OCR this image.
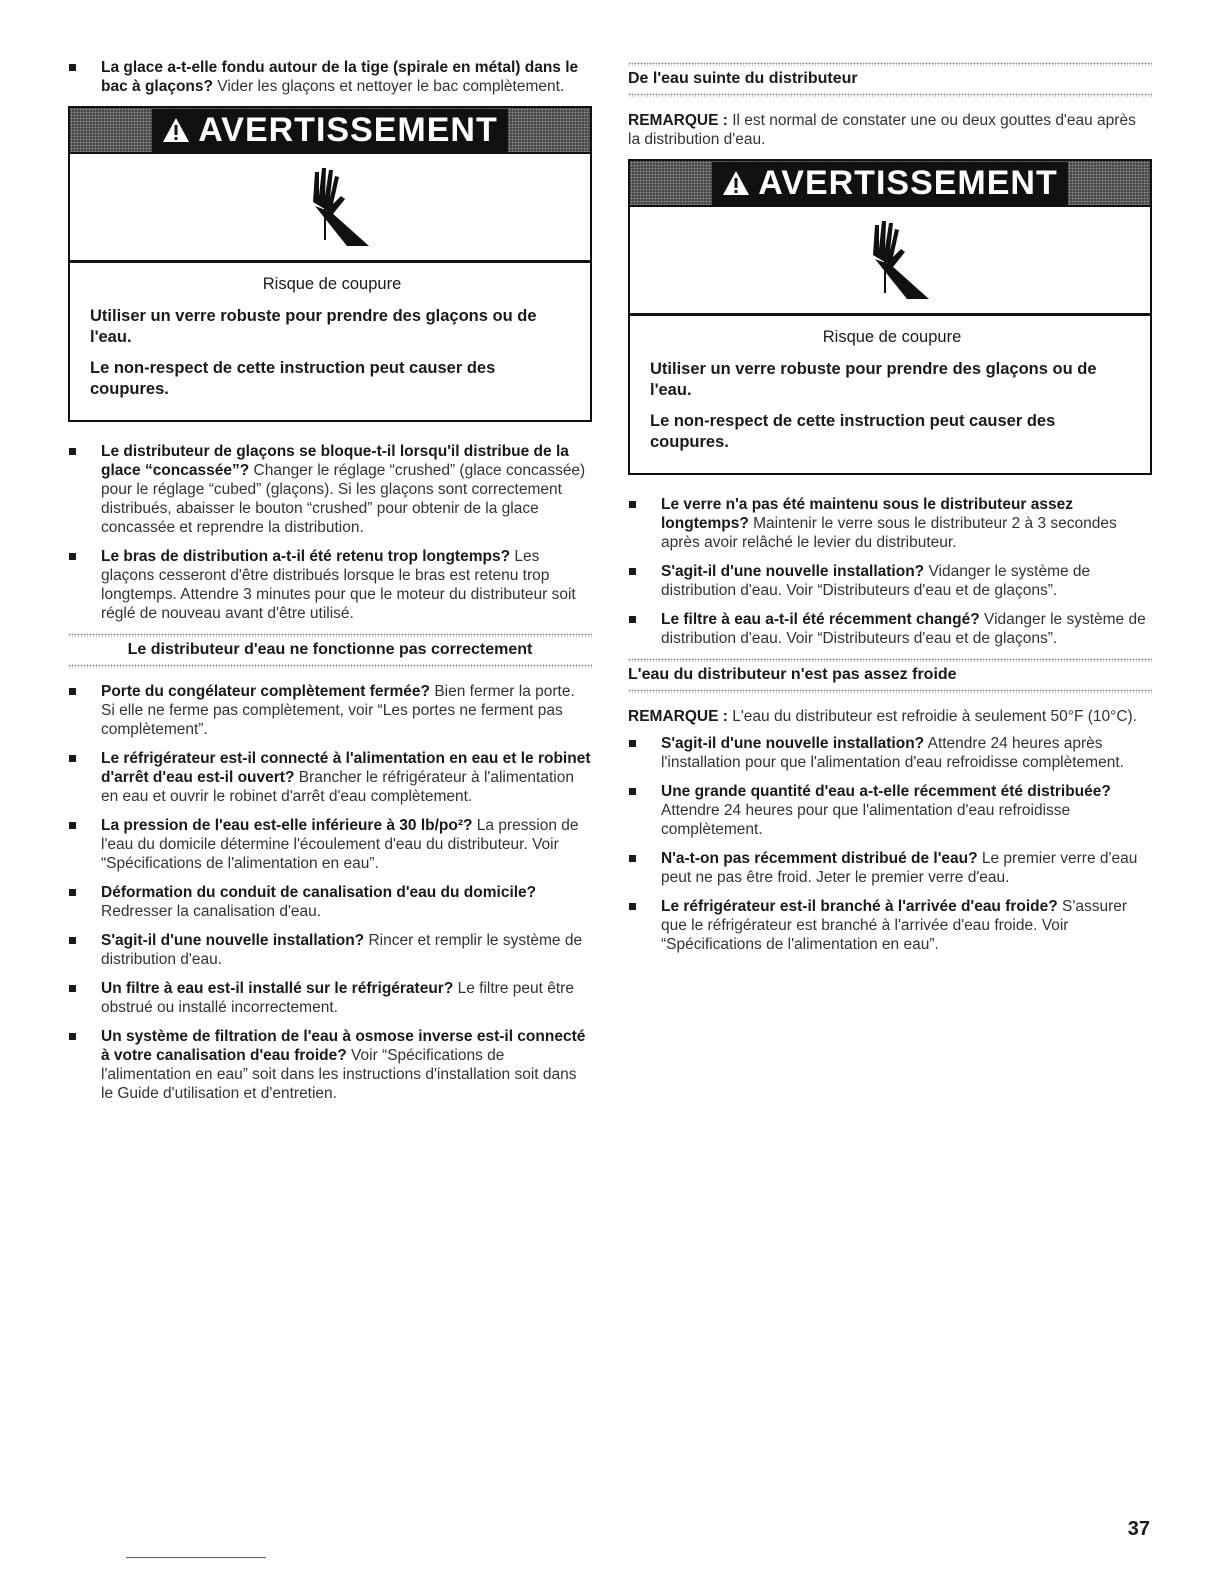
La glace a-t-elle fondu autour de la tige (spirale en métal) dans le bac à glaçons? Vider les glaçons et nettoyer le bac complètement.

AVERTISSEMENT
Risque de coupure

Utiliser un verre robuste pour prendre des glaçons ou de l'eau.

Le non-respect de cette instruction peut causer des coupures.

Le distributeur de glaçons se bloque-t-il lorsqu'il distribue de la glace “concassée”? Changer le réglage “crushed” (glace concassée) pour le réglage “cubed” (glaçons). Si les glaçons sont correctement distribués, abaisser le bouton “crushed” pour obtenir de la glace concassée et reprendre la distribution.

Le bras de distribution a-t-il été retenu trop longtemps? Les glaçons cesseront d'être distribués lorsque le bras est retenu trop longtemps. Attendre 3 minutes pour que le moteur du distributeur soit réglé de nouveau avant d'être utilisé.

Le distributeur d'eau ne fonctionne pas correctement

Porte du congélateur complètement fermée? Bien fermer la porte. Si elle ne ferme pas complètement, voir “Les portes ne ferment pas complètement”.

Le réfrigérateur est-il connecté à l'alimentation en eau et le robinet d'arrêt d'eau est-il ouvert? Brancher le réfrigérateur à l'alimentation en eau et ouvrir le robinet d'arrêt d'eau complètement.

La pression de l'eau est-elle inférieure à 30 lb/po²? La pression de l'eau du domicile détermine l'écoulement d'eau du distributeur. Voir “Spécifications de l'alimentation en eau”.

Déformation du conduit de canalisation d'eau du domicile? Redresser la canalisation d'eau.

S'agit-il d'une nouvelle installation? Rincer et remplir le système de distribution d'eau.

Un filtre à eau est-il installé sur le réfrigérateur? Le filtre peut être obstrué ou installé incorrectement.

Un système de filtration de l'eau à osmose inverse est-il connecté à votre canalisation d'eau froide? Voir “Spécifications de l'alimentation en eau” soit dans les instructions d'installation soit dans le Guide d'utilisation et d'entretien.

De l'eau suinte du distributeur

REMARQUE : Il est normal de constater une ou deux gouttes d'eau après la distribution d'eau.

AVERTISSEMENT
Risque de coupure

Utiliser un verre robuste pour prendre des glaçons ou de l'eau.

Le non-respect de cette instruction peut causer des coupures.

Le verre n'a pas été maintenu sous le distributeur assez longtemps? Maintenir le verre sous le distributeur 2 à 3 secondes après avoir relâché le levier du distributeur.

S'agit-il d'une nouvelle installation? Vidanger le système de distribution d'eau. Voir “Distributeurs d'eau et de glaçons”.

Le filtre à eau a-t-il été récemment changé? Vidanger le système de distribution d'eau. Voir “Distributeurs d'eau et de glaçons”.

L'eau du distributeur n'est pas assez froide

REMARQUE : L'eau du distributeur est refroidie à seulement 50°F (10°C).

S'agit-il d'une nouvelle installation? Attendre 24 heures après l'installation pour que l'alimentation d'eau refroidisse complètement.

Une grande quantité d'eau a-t-elle récemment été distribuée? Attendre 24 heures pour que l'alimentation d'eau refroidisse complètement.

N'a-t-on pas récemment distribué de l'eau? Le premier verre d'eau peut ne pas être froid. Jeter le premier verre d'eau.

Le réfrigérateur est-il branché à l'arrivée d'eau froide? S'assurer que le réfrigérateur est branché à l'arrivée d'eau froide. Voir “Spécifications de l'alimentation en eau”.

37
